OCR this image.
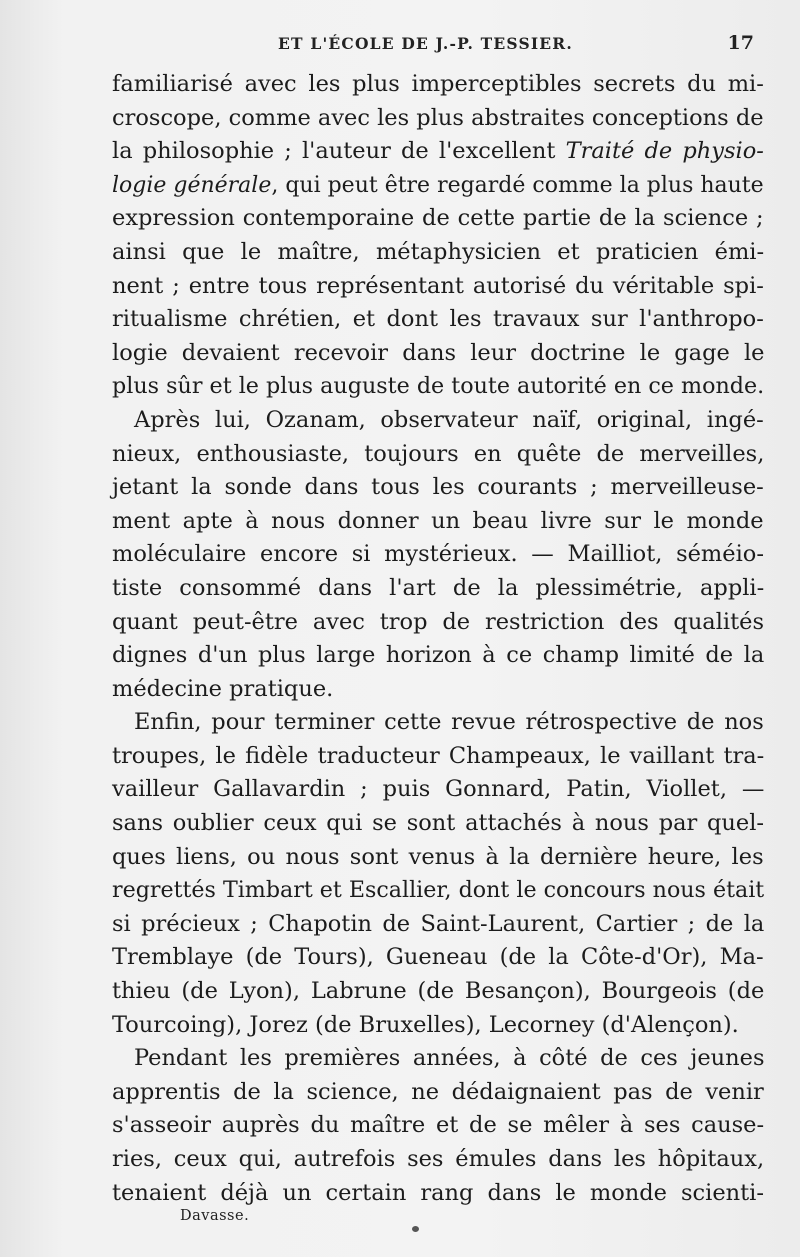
ET L'ÉCOLE DE J.-P. TESSIER.	17
familiarisé avec les plus imperceptibles secrets du mi-
croscope, comme avec les plus abstraites conceptions de
la philosophie ; l'auteur de l'excellent Traité de physio-
logie générale, qui peut être regardé comme la plus haute
expression contemporaine de cette partie de la science ;
ainsi que le maître, métaphysicien et praticien émi-
nent ; entre tous représentant autorisé du véritable spi-
ritualisme chrétien, et dont les travaux sur l'anthropo-
logie devaient recevoir dans leur doctrine le gage le
plus sûr et le plus auguste de toute autorité en ce monde.
Après lui, Ozanam, observateur naïf, original, ingé-
nieux, enthousiaste, toujours en quête de merveilles,
jetant la sonde dans tous les courants ; merveilleuse-
ment apte à nous donner un beau livre sur le monde
moléculaire encore si mystérieux. — Mailliot, séméio-
tiste consommé dans l'art de la plessimétrie, appli-
quant peut-être avec trop de restriction des qualités
dignes d'un plus large horizon à ce champ limité de la
médecine pratique.
Enfin, pour terminer cette revue rétrospective de nos
troupes, le fidèle traducteur Champeaux, le vaillant tra-
vailleur Gallavardin ; puis Gonnard, Patin, Viollet, —
sans oublier ceux qui se sont attachés à nous par quel-
ques liens, ou nous sont venus à la dernière heure, les
regrettés Timbart et Escallier, dont le concours nous était
si précieux ; Chapotin de Saint-Laurent, Cartier ; de la
Tremblaye (de Tours), Gueneau (de la Côte-d'Or), Ma-
thieu (de Lyon), Labrune (de Besançon), Bourgeois (de
Tourcoing), Jorez (de Bruxelles), Lecorney (d'Alençon).
Pendant les premières années, à côté de ces jeunes
apprentis de la science, ne dédaignaient pas de venir
s'asseoir auprès du maître et de se mêler à ses cause-
ries, ceux qui, autrefois ses émules dans les hôpitaux,
tenaient déjà un certain rang dans le monde scienti-
Davasse.
